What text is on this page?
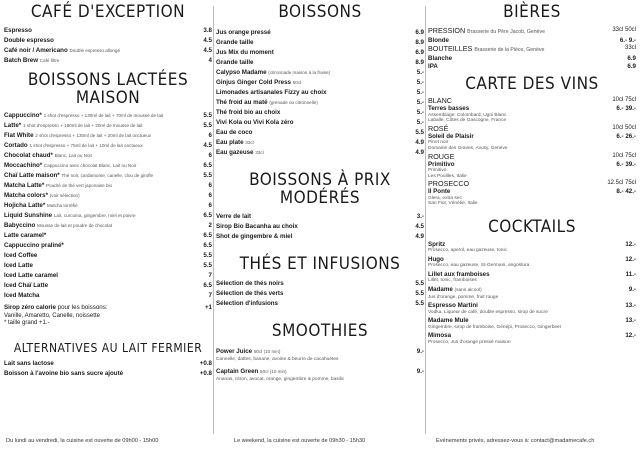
CAFÉ D'EXCEPTION
Espresso	3.8
Double espresso	4.5
Café noir / Americano Double espresso allongé	4.5
Batch Brew Café filtre	4
BOISSONS LACTÉES MAISON
Cappuccino* 1 shot d'espresso + 130ml de lait + 70ml de mousse de lait	5.5
Latte* 1 shot d'espresso + 180ml de lait + 20ml de mousse de lait	5.5
Flat White 2 shot d'espresso + 130ml de lait + 20ml de lait onctueux	6
Cortado 1 shot d'espresso + 75ml de lait + 10ml de lait onctueux	4.5
Chocolat chaud* Blanc, Lait ou Noir	6
Moccachino* Cappuccino avec chocolat Blanc, Lait ou Noir	6.5
Chaï Latte maison* Thé noir, cardamome, canelle, clou de girofle	5.5
Matcha Latte* Poudré de thé vert japonaise bio	6
Matcha colors* (voir sélection)	6
Hojicha Latte* Matcha torréfié	6
Liquid Sunshine Lait, curcuma, gingembre, miel et poivre	6.5
Babyccino Mousse de lait et poudre de chocolat	2
Latte caramel*	6.5
Cappuccino praliné*	6.5
Iced Coffee	5.5
Iced Latte	5.5
Iced Latte caramel	7
Iced Chaï Latte	6.5
Iced Matcha	7
Sirop zéro calorie pour les boissons:	+1
Vanille, Amaretto, Canelle, noissette
* taille grand +1.-
ALTERNATIVES AU LAIT FERMIER
Lait sans lactose	+0.8
Boisson à l'avoine bio sans sucre ajouté	+0.8
BOISSONS
Jus orange pressé	6.9
Grande taille	8.9
Jus Mix du moment	6.9
Grande taille	8.9
Calypso Madame (citronnade maison à la fraise)	5.-
Ginjus Ginger Cold Press 50cl	5.-
Limonades artisanales Fizzy au choix	5.-
Thé froid au maté (grenade ou citronnelle)	5.-
Thé froid bio au choix	5.-
Vivi Kola ou Vivi Kola zéro	5.-
Eau de coco	5.5
Eau plate 33cl	4.9
Eau gazeuse 33cl	4.9
BOISSONS À PRIX MODÉRÉS
Verre de lait	3.-
Sirop Bio Bacanha au choix	4.5
Shot de gingembre & miel	4.9
THÉS ET INFUSIONS
Sélection de thés noirs	5.5
Sélection de thés verts	5.5
Sélection d'infusions	5.5
SMOOTHIES
Power Juice 50cl (10 min)	9.-
Cannelle, dattes, banane, avoine & beurre de cacahuètes
Captain Green 50cl (10 min)	9.-
Ananas, citron, avocat, orange, gingembre & pomme, basilic
BIÈRES
PRESSION Brasserie du Père Jacob, Genève	33cl 50cl
Blonde	6.- 9.-
BOUTEILLES Brasserie de la Pièce, Genève	33cl
Blanche	6.9
IPA	6.9
CARTE DES VINS
BLANC	10cl 75cl
Terres basses	6.- 39.-
Assemblage: Colombard, Ugni Blanc
Laballe, Côtes de Gascogne, France
ROSÉ	10cl 50cl
Soleil de Plaisir	6.- 26.-
Pinot noir
Domaine des Graves, Avusy, Genève
ROUGE	10cl 75cl
Primitivo	6.- 39.-
Primitivo
Les Pouilles, Italie
PROSECCO	12.5cl 75cl
Il Ponte	8.- 42.-
Glera, extra sec
San Fior, Vénétie, Italie
COCKTAILS
Spritz	12.-
Prosecco, aperol, eau gazeuse, tonic
Hugo	12.-
Prosecco, eau gazeuse, St-Germain, angostura
Lillet aux framboises	11.-
Lillet, tonic, framboises
Madame (sans alcool)	9.-
Jus d'orange, pomme, fruit rouge
Espresso Martini	13.-
Vodka, Liqueur de café, double espresso, sirop de sucre
Madame Mule	13.-
Gingembre, sirop de framboise, Génépi, Prosecco, Gingerbeer
Mimosa	12.-
Prosecco, Jus d'orange pressé maison
Du lundi au vendredi, la cuisine est ouverte de 09h00 - 15h00	Le weekend, la cuisine est ouverte de 09h30 - 15h30	Evénements privés, adressez-vous à: contact@madamecafe.ch
